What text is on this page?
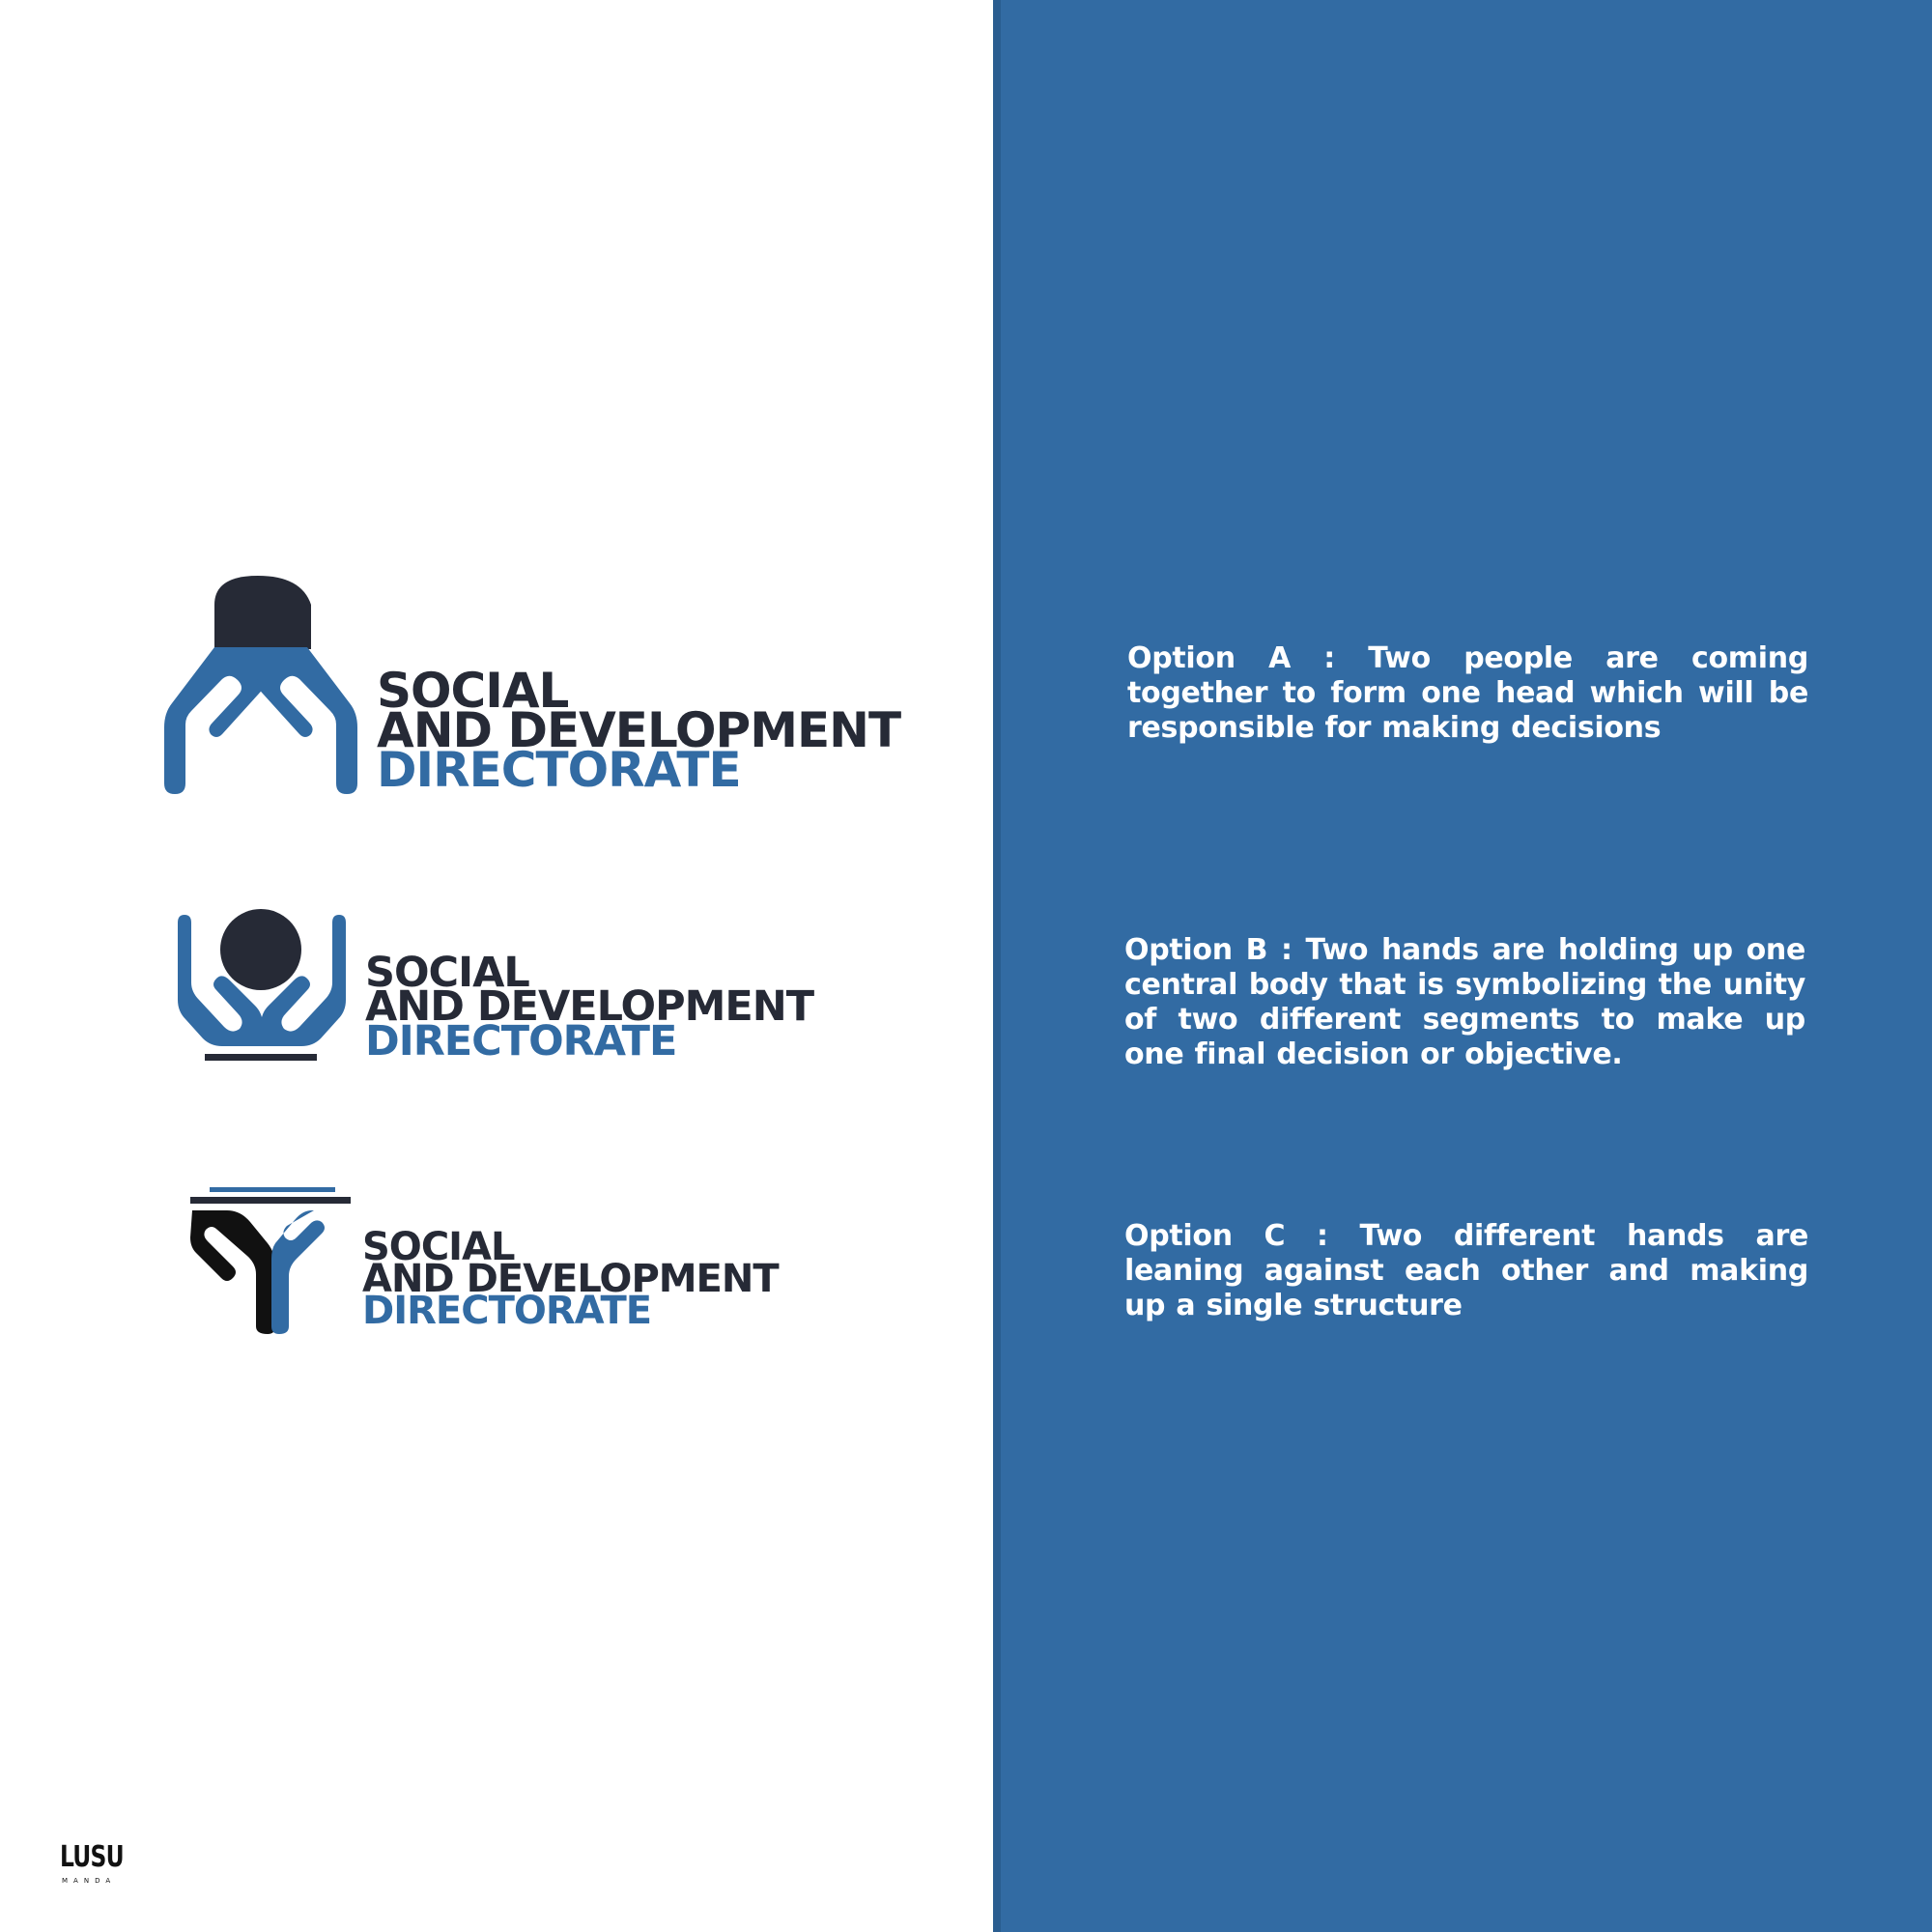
SOCIAL
AND DEVELOPMENT
DIRECTORATE
SOCIAL
AND DEVELOPMENT
DIRECTORATE
SOCIAL
AND DEVELOPMENT
DIRECTORATE
Option A : Two people are coming together to form one head which will be responsible for making decisions
Option B : Two hands are holding up one central body that is symbolizing the unity of two different segments to make up one final decision or objective.
Option C : Two different hands are leaning against each other and making up a single structure
LUSU
MANDA
